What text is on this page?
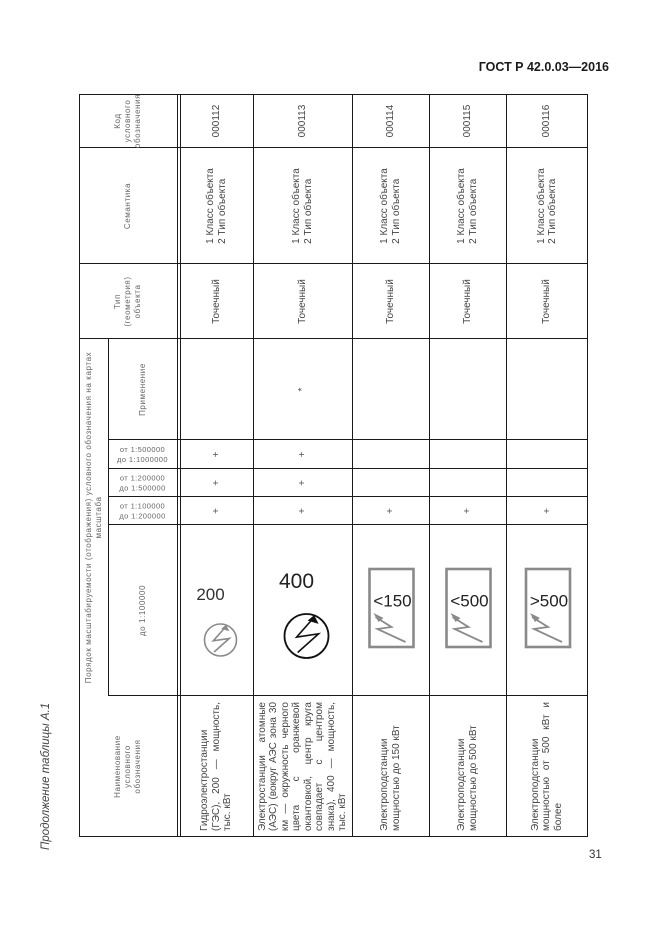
ГОСТ Р 42.0.03—2016
Продолжение таблицы А.1	Наименование условного обозначения
Порядок масштабируемости (отображения) условного обозначения на картах масштаба
до 1:100000
от 1:100000
до 1:200000
от 1:200000
до 1:500000
от 1:500000
до 1:1000000
Применение
Тип (геометрия) объекта
Семантика
Код условного обозначения
Гидроэлектростанции (ГЭС), 200 — мощность, тыс. кВт
200
+
+
+
Точечный
1 Класс объекта 2 Тип объекта
000112
Электростанции атомные (АЭС) (вокруг АЭС зона 30 км — окружность черного цвета с оранжевой окантовкой, центр круга совпадает с центром знака), 400 — мощность, тыс. кВт
400
+
+
+
*
Точечный
1 Класс объекта 2 Тип объекта
000113
Электроподстанции мощностью до 150 кВт
<150
+
Точечный
1 Класс объекта 2 Тип объекта
000114
Электроподстанции мощностью до 500 кВт
<500
+
Точечный
1 Класс объекта 2 Тип объекта
000115
Электроподстанции мощностью от 500 кВт и более
>500
+
Точечный
1 Класс объекта 2 Тип объекта
000116
31
